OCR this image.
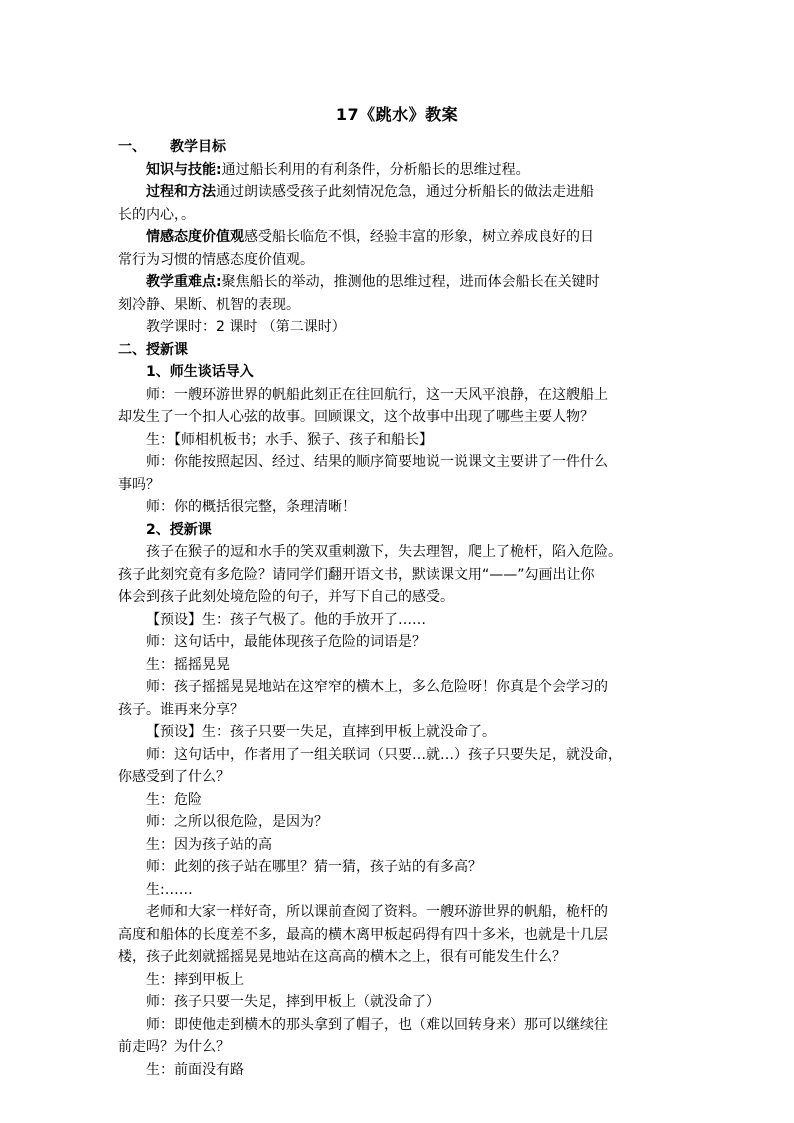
17《跳水》教案
一、 教学目标
知识与技能:通过船长利用的有利条件，分析船长的思维过程。
过程和方法通过朗读感受孩子此刻情况危急，通过分析船长的做法走进船
长的内心，。
情感态度价值观感受船长临危不惧，经验丰富的形象，树立养成良好的日
常行为习惯的情感态度价值观。
教学重难点:聚焦船长的举动，推测他的思维过程，进而体会船长在关键时
刻冷静、果断、机智的表现。
教学课时：2 课时 （第二课时）
二、授新课
1、师生谈话导入
师：一艘环游世界的帆船此刻正在往回航行，这一天风平浪静，在这艘船上
却发生了一个扣人心弦的故事。回顾课文，这个故事中出现了哪些主要人物？
生：【师相机板书；水手、猴子、孩子和船长】
师：你能按照起因、经过、结果的顺序简要地说一说课文主要讲了一件什么
事吗？
师：你的概括很完整，条理清晰！
2、授新课
孩子在猴子的逗和水手的笑双重刺激下，失去理智，爬上了桅杆，陷入危险。
孩子此刻究竟有多危险？请同学们翻开语文书，默读课文用“——”勾画出让你
体会到孩子此刻处境危险的句子，并写下自己的感受。
【预设】生：孩子气极了。他的手放开了……
师：这句话中，最能体现孩子危险的词语是？
生：摇摇晃晃
师：孩子摇摇晃晃地站在这窄窄的横木上，多么危险呀！你真是个会学习的
孩子。谁再来分享？
【预设】生：孩子只要一失足，直摔到甲板上就没命了。
师：这句话中，作者用了一组关联词（只要…就…）孩子只要失足，就没命，
你感受到了什么？
生：危险
师：之所以很危险，是因为？
生：因为孩子站的高
师：此刻的孩子站在哪里？猜一猜，孩子站的有多高？
生:……
老师和大家一样好奇，所以课前查阅了资料。一艘环游世界的帆船，桅杆的
高度和船体的长度差不多，最高的横木离甲板起码得有四十多米，也就是十几层
楼，孩子此刻就摇摇晃晃地站在这高高的横木之上，很有可能发生什么？
生：摔到甲板上
师：孩子只要一失足，摔到甲板上（就没命了）
师：即使他走到横木的那头拿到了帽子，也（难以回转身来）那可以继续往
前走吗？为什么？
生：前面没有路
